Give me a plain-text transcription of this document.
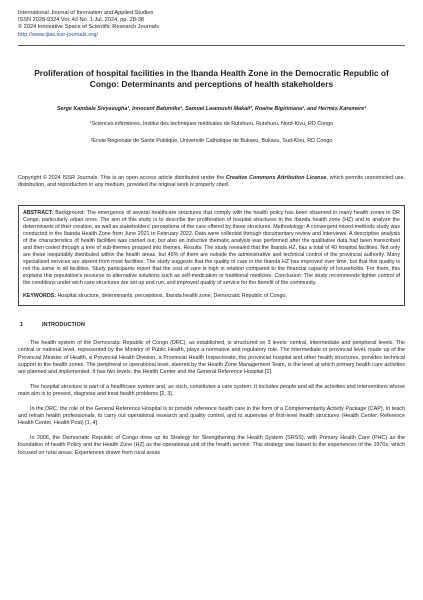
International Journal of Innovation and Applied Studies
ISSN 2028-9324 Vol. 43 No. 1 Jul. 2024, pp. 28-38
© 2024 Innovative Space of Scientific Research Journals
http://www.ijias.issr-journals.org/
Proliferation of hospital facilities in the Ibanda Health Zone in the Democratic Republic of Congo: Determinants and perceptions of health stakeholders
Serge Kambale Sivyavugha¹, Innocent Batumike², Samuel Lwamushi Makali², Roaine Bigirimana², and Hermès Karemere²
¹Sciences infirmières, Institut des techniques médicales de Rutshuru, Rutshuru, Nord-Kivu, RD Congo
²Ecole Régionale de Santé Publique, Université Catholique de Bukavu, Bukavu, Sud-Kivu, RD Congo
Copyright © 2024 ISSR Journals. This is an open access article distributed under the Creative Commons Attribution License, which permits unrestricted use, distribution, and reproduction in any medium, provided the original work is properly cited.
ABSTRACT: Background: The emergence of several healthcare structures that comply with the health policy has been observed in many health zones in DR Congo, particularly urban ones. The aim of this study is to describe the proliferation of hospital structures in the Ibanda health zone (HZ) and to analyze the determinants of their creation, as well as stakeholders' perceptions of the care offered by these structures. Methodology: A convergent mixed-methods study was conducted in the Ibanda Health Zone from June 2021 to February 2022. Data were collected through documentary review and interviews. A descriptive analysis of the characteristics of health facilities was carried out; but also an inductive thematic analysis was performed after the qualitative data had been transcribed and then coded through a tree of sub-themes grouped into themes. Results: The study revealed that the Ibanda HZ, has a total of 40 hospital facilities. Not only are these inequitably distributed within the health areas, but 45% of them are outside the administrative and technical control of the provincial authority. Many specialized services are absent from most facilities. The study suggests that the quality of care in the Ibanda HZ has improved over time, but that this quality is not the same in all facilities. Study participants report that the cost of care is high in relation compared to the financial capacity of households. For them, this explains this population's recourse to alternative solutions such as self-medication or traditional medicine. Conclusion: The study recommends tighter control of the conditions under wich care structures are set up and run, and improved quality of service for the benefit of the community.
KEYWORDS: Hospital structure, determinants, perceptions, Ibanda health zone, Democratic Republic of Congo.
1	INTRODUCTION
The health system of the Democratic Republic of Congo (DRC), as established, is structured on 3 levels: central, intermediate and peripheral levels. The central or national level, represented by the Ministry of Public Health, plays a normative and regulatory role. The intermediate or provincial level, made up of the Provincial Minister of Health, a Provincial Health Division, a Provincial Health Inspectorate, the provincial hospital and other health structures, provides technical support to the health zones. The peripheral or operational level, steered by the Health Zone Management Team, is the level at which primary health care activities are planned and implemented. It has two levels: the Health Center and the General Reference Hospital [1].
The hospital structure is part of a healthcare system and, as such, constitutes a care system. It includes people and all the activities and interventions whose main aim is to prevent, diagnose and treat health problems [2, 3].
In the DRC, the role of the General Reference Hospital is to provide reference health care in the form of a Complementarity Activity Package (CAP), to teach and retrain health professionals, to carry out operational research and quality control, and to supervise of first-level health structures (Health Center, Reference Health Center, Health Post) [1, 4].
In 2006, the Democratic Republic of Congo drew up its Strategy for Strengthening the Health System (SRSS), with Primary Health Care (PHC) as the foundation of health Policy and the Health Zone (HZ) as the operational unit of the health service. This strategy was based to the experiences of the 1970s, which focused on rural areas. Experiences drawn from rural areas
